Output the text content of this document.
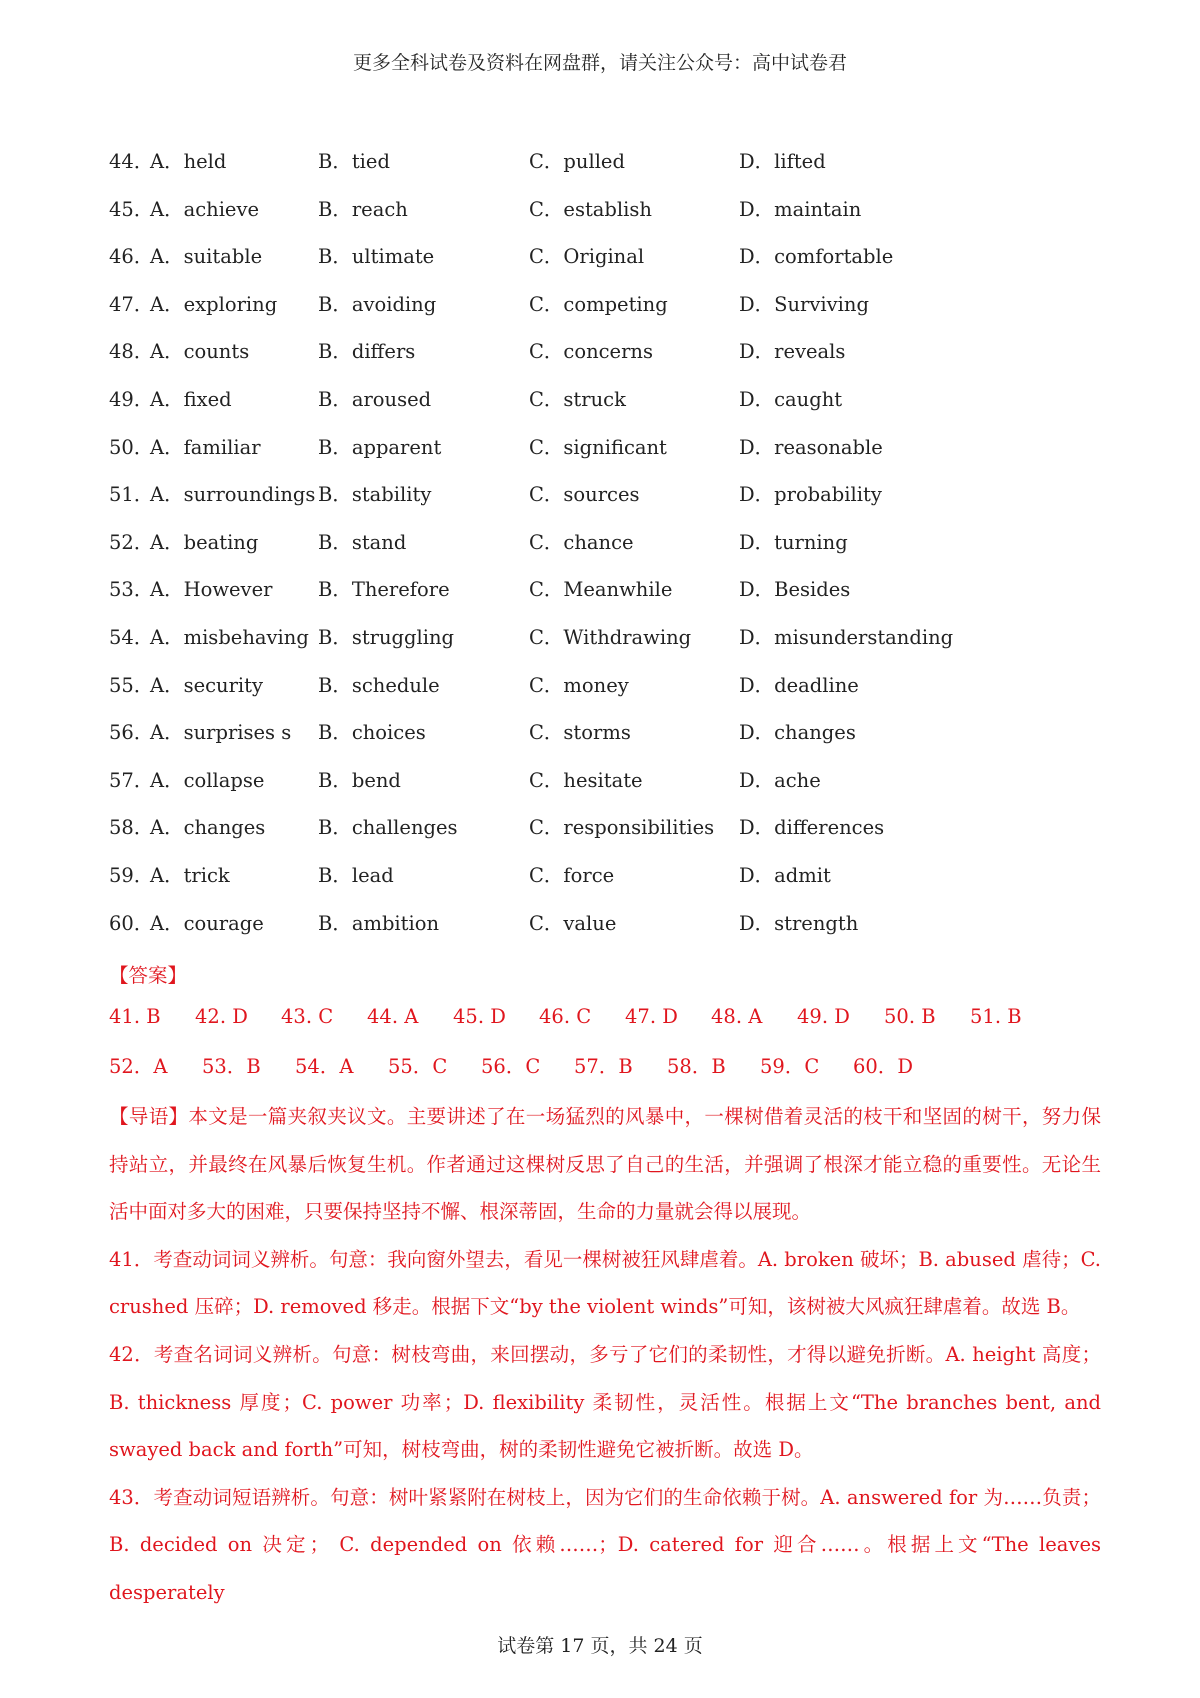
更多全科试卷及资料在网盘群，请关注公众号：高中试卷君
44．
A．held	B．tied	C．pulled	D．lifted
45．
A．achieve	B．reach	C．establish	D．maintain
46．
A．suitable	B．ultimate	C．Original	D．comfortable
47．
A．exploring B．avoiding	C．competing	D．Surviving
48．
A．counts	B．differs	C．concerns	D．reveals
49．
A．fixed	B．aroused	C．struck	D．caught
50．
A．familiar	B．apparent	C．significant	D．reasonable
51．
A．surroundings B．stability	C．sources	D．probability
52．
A．beating	B．stand	C．chance	D．turning
53．
A．However B．Therefore	C．Meanwhile	D．Besides
54．
A．misbehaving B．struggling	C．Withdrawing D．misunderstanding
55．
A．security	B．schedule	C．money	D．deadline
56．
A．surprises s B．choices	C．storms	D．changes
57．
A．collapse	B．bend	C．hesitate	D．ache
58．
A．changes	B．challenges	C．responsibilities D．differences
59．
A．trick	B．lead	C．force	D．admit
60．
A．courage	B．ambition	C．value	D．strength
【答案】
41. B 42. D 43. C 44. A 45. D 46. C 47. D 48. A 49. D 50. B 51. B
52．A 53．B 54．A 55．C 56．C 57．B 58．B 59．C 60．D

【导语】本文是一篇夹叙夹议文。主要讲述了在一场猛烈的风暴中，一棵树借着灵活的枝干和坚固的树干，努力保持站立，并最终在风暴后恢复生机。作者通过这棵树反思了自己的生活，并强调了根深才能立稳的重要性。无论生活中面对多大的困难，只要保持坚持不懈、根深蒂固，生命的力量就会得以展现。

41．考查动词词义辨析。句意：我向窗外望去，看见一棵树被狂风肆虐着。A. broken 破坏；B. abused 虐待；C. crushed 压碎；D. removed 移走。根据下文“by the violent winds”可知，该树被大风疯狂肆虐着。故选 B。

42．考查名词词义辨析。句意：树枝弯曲，来回摆动，多亏了它们的柔韧性，才得以避免折断。A. height 高度；B. thickness 厚度；C. power 功率；D. flexibility 柔韧性，灵活性。根据上文“The branches bent, and swayed back and forth”可知，树枝弯曲，树的柔韧性避免它被折断。故选 D。

43．考查动词短语辨析。句意：树叶紧紧附在树枝上，因为它们的生命依赖于树。A. answered for 为……负责；B. decided on 决定； C. depended on 依赖……；D. catered for 迎合……。根据上文“The leaves desperately

试卷第 17 页，共 24 页
